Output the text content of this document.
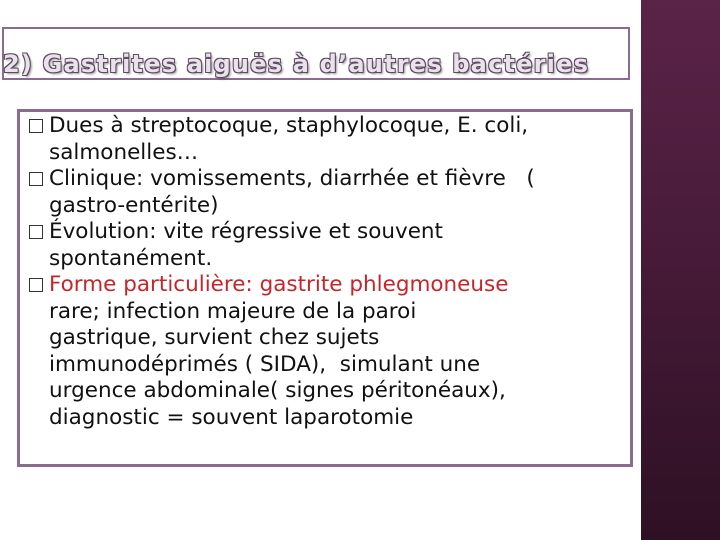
2) Gastrites aiguës à d’autres bactéries
Dues à streptocoque, staphylocoque, E. coli,
salmonelles…
Clinique: vomissements, diarrhée et fièvre   (
gastro-entérite)
Évolution: vite régressive et souvent
spontanément.
Forme particulière: gastrite phlegmoneuse
rare; infection majeure de la paroi
gastrique, survient chez sujets
immunodéprimés ( SIDA),  simulant une
urgence abdominale( signes péritonéaux),
diagnostic = souvent laparotomie
